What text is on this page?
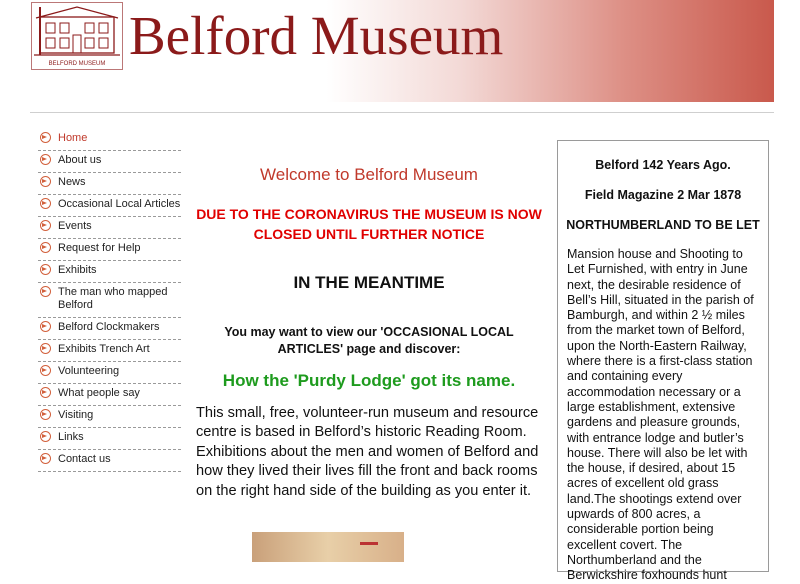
BELFORD MUSEUM Belford Museum
Home
About us
News
Occasional Local Articles
Events
Request for Help
Exhibits
The man who mapped Belford
Belford Clockmakers
Exhibits Trench Art
Volunteering
What people say
Visiting
Links
Contact us
Welcome to Belford Museum
DUE TO THE CORONAVIRUS THE MUSEUM IS NOW CLOSED UNTIL FURTHER NOTICE
IN THE MEANTIME
You may want to view our 'OCCASIONAL LOCAL ARTICLES' page and discover:
How the 'Purdy Lodge' got its name.
This small, free, volunteer-run museum and resource centre is based in Belford’s historic Reading Room. Exhibitions about the men and women of Belford and how they lived their lives fill the front and back rooms on the right hand side of the building as you enter it.
Belford 142 Years Ago.
Field Magazine 2 Mar 1878
NORTHUMBERLAND TO BE LET
Mansion house and Shooting to Let Furnished, with entry in June next, the desirable residence of Bell’s Hill, situated in the parish of Bamburgh, and within 2 ½ miles from the market town of Belford, upon the North-Eastern Railway, where there is a first-class station and containing every accommodation necessary or a large establishment, extensive gardens and pleasure grounds, with entrance lodge and butler’s house. There will also be let with the house, if desired, about 15 acres of excellent old grass land.The shootings extend over upwards of 800 acres, a considerable portion being excellent covert. The Northumberland and the Berwickshire foxhounds hunt
